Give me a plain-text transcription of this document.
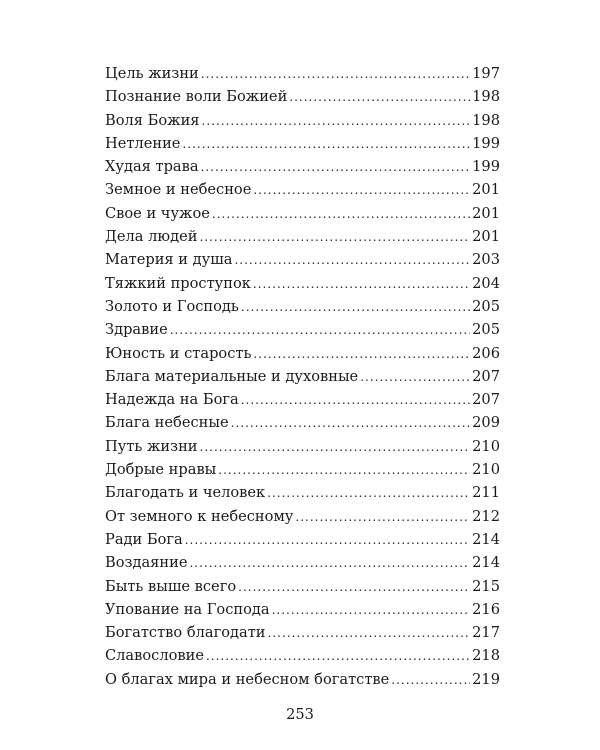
Цель жизни .....	197
Познание воли Божией .....	198
Воля Божия .....	198
Нетление .....	199
Худая трава .....	199
Земное и небесное .....	201
Свое и чужое .....	201
Дела людей .....	201
Материя и душа .....	203
Тяжкий проступок .....	204
Золото и Господь .....	205
Здравие .....	205
Юность и старость .....	206
Блага материальные и духовные .....	207
Надежда на Бога .....	207
Блага небесные .....	209
Путь жизни .....	210
Добрые нравы .....	210
Благодать и человек .....	211
От земного к небесному .....	212
Ради Бога .....	214
Воздаяние .....	214
Быть выше всего .....	215
Упование на Господа .....	216
Богатство благодати .....	217
Славословие .....	218
О благах мира и небесном богатстве .....	219
253
